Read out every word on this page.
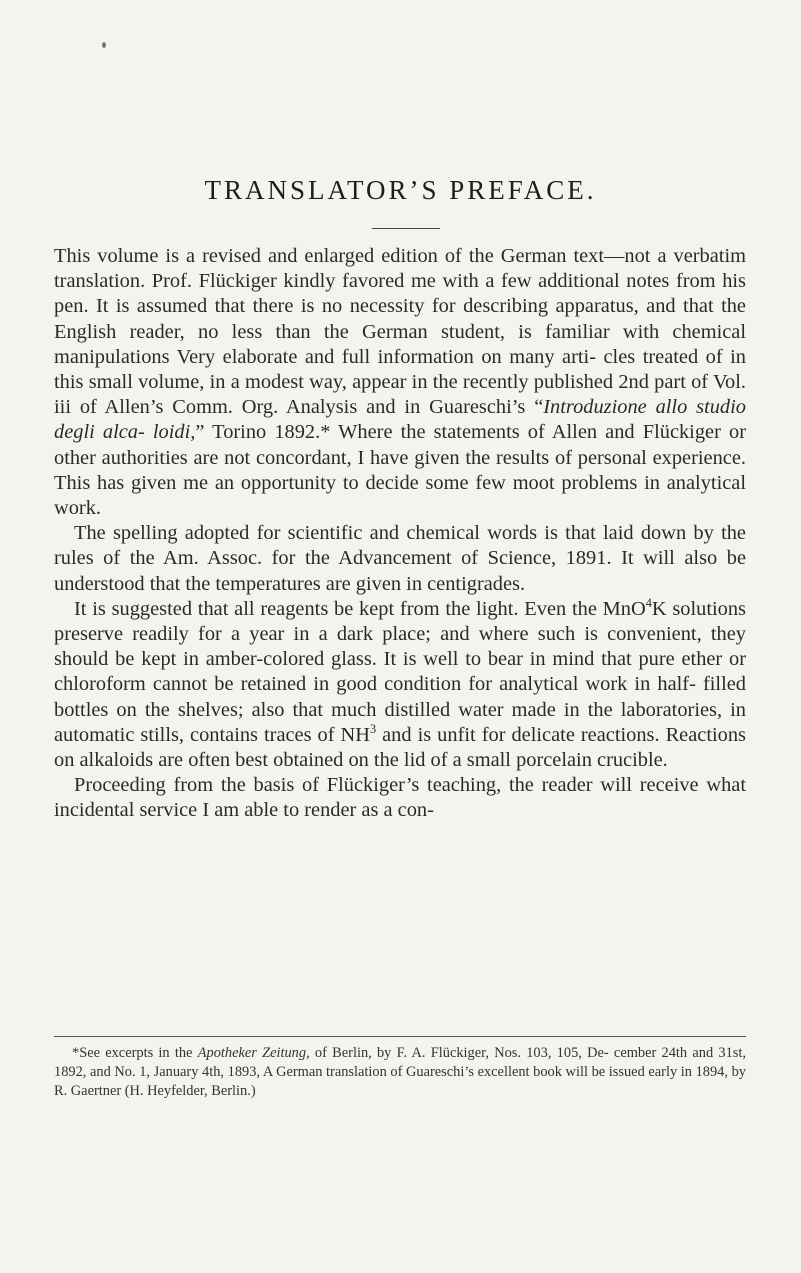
TRANSLATOR’S PREFACE.

This volume is a revised and enlarged edition of the German text—not a verbatim translation. Prof. Flückiger kindly favored me with a few additional notes from his pen. It is assumed that there is no necessity for describing apparatus, and that the English reader, no less than the German student, is familiar with chemical manipulations Very elaborate and full information on many arti- cles treated of in this small volume, in a modest way, appear in the recently published 2nd part of Vol. iii of Allen’s Comm. Org. Analysis and in Guareschi’s “Introduzione allo studio degli alca- loidi,” Torino 1892.* Where the statements of Allen and Flückiger or other authorities are not concordant, I have given the results of personal experience. This has given me an opportunity to decide some few moot problems in analytical work.

The spelling adopted for scientific and chemical words is that laid down by the rules of the Am. Assoc. for the Advancement of Science, 1891. It will also be understood that the temperatures are given in centigrades.

It is suggested that all reagents be kept from the light. Even the MnO$^4$K solutions preserve readily for a year in a dark place; and where such is convenient, they should be kept in amber-colored glass. It is well to bear in mind that pure ether or chloroform cannot be retained in good condition for analytical work in half- filled bottles on the shelves; also that much distilled water made in the laboratories, in automatic stills, contains traces of $NH^3$ and is unfit for delicate reactions. Reactions on alkaloids are often best obtained on the lid of a small porcelain crucible.

Proceeding from the basis of Flückiger’s teaching, the reader will receive what incidental service I am able to render as a con-

*See excerpts in the Apotheker Zeitung, of Berlin, by F. A. Flückiger, Nos. 103, 105, De- cember 24th and 31st, 1892, and No. 1, January 4th, 1893, A German translation of Guareschi’s excellent book will be issued early in 1894, by R. Gaertner (H. Heyfelder, Berlin.)
